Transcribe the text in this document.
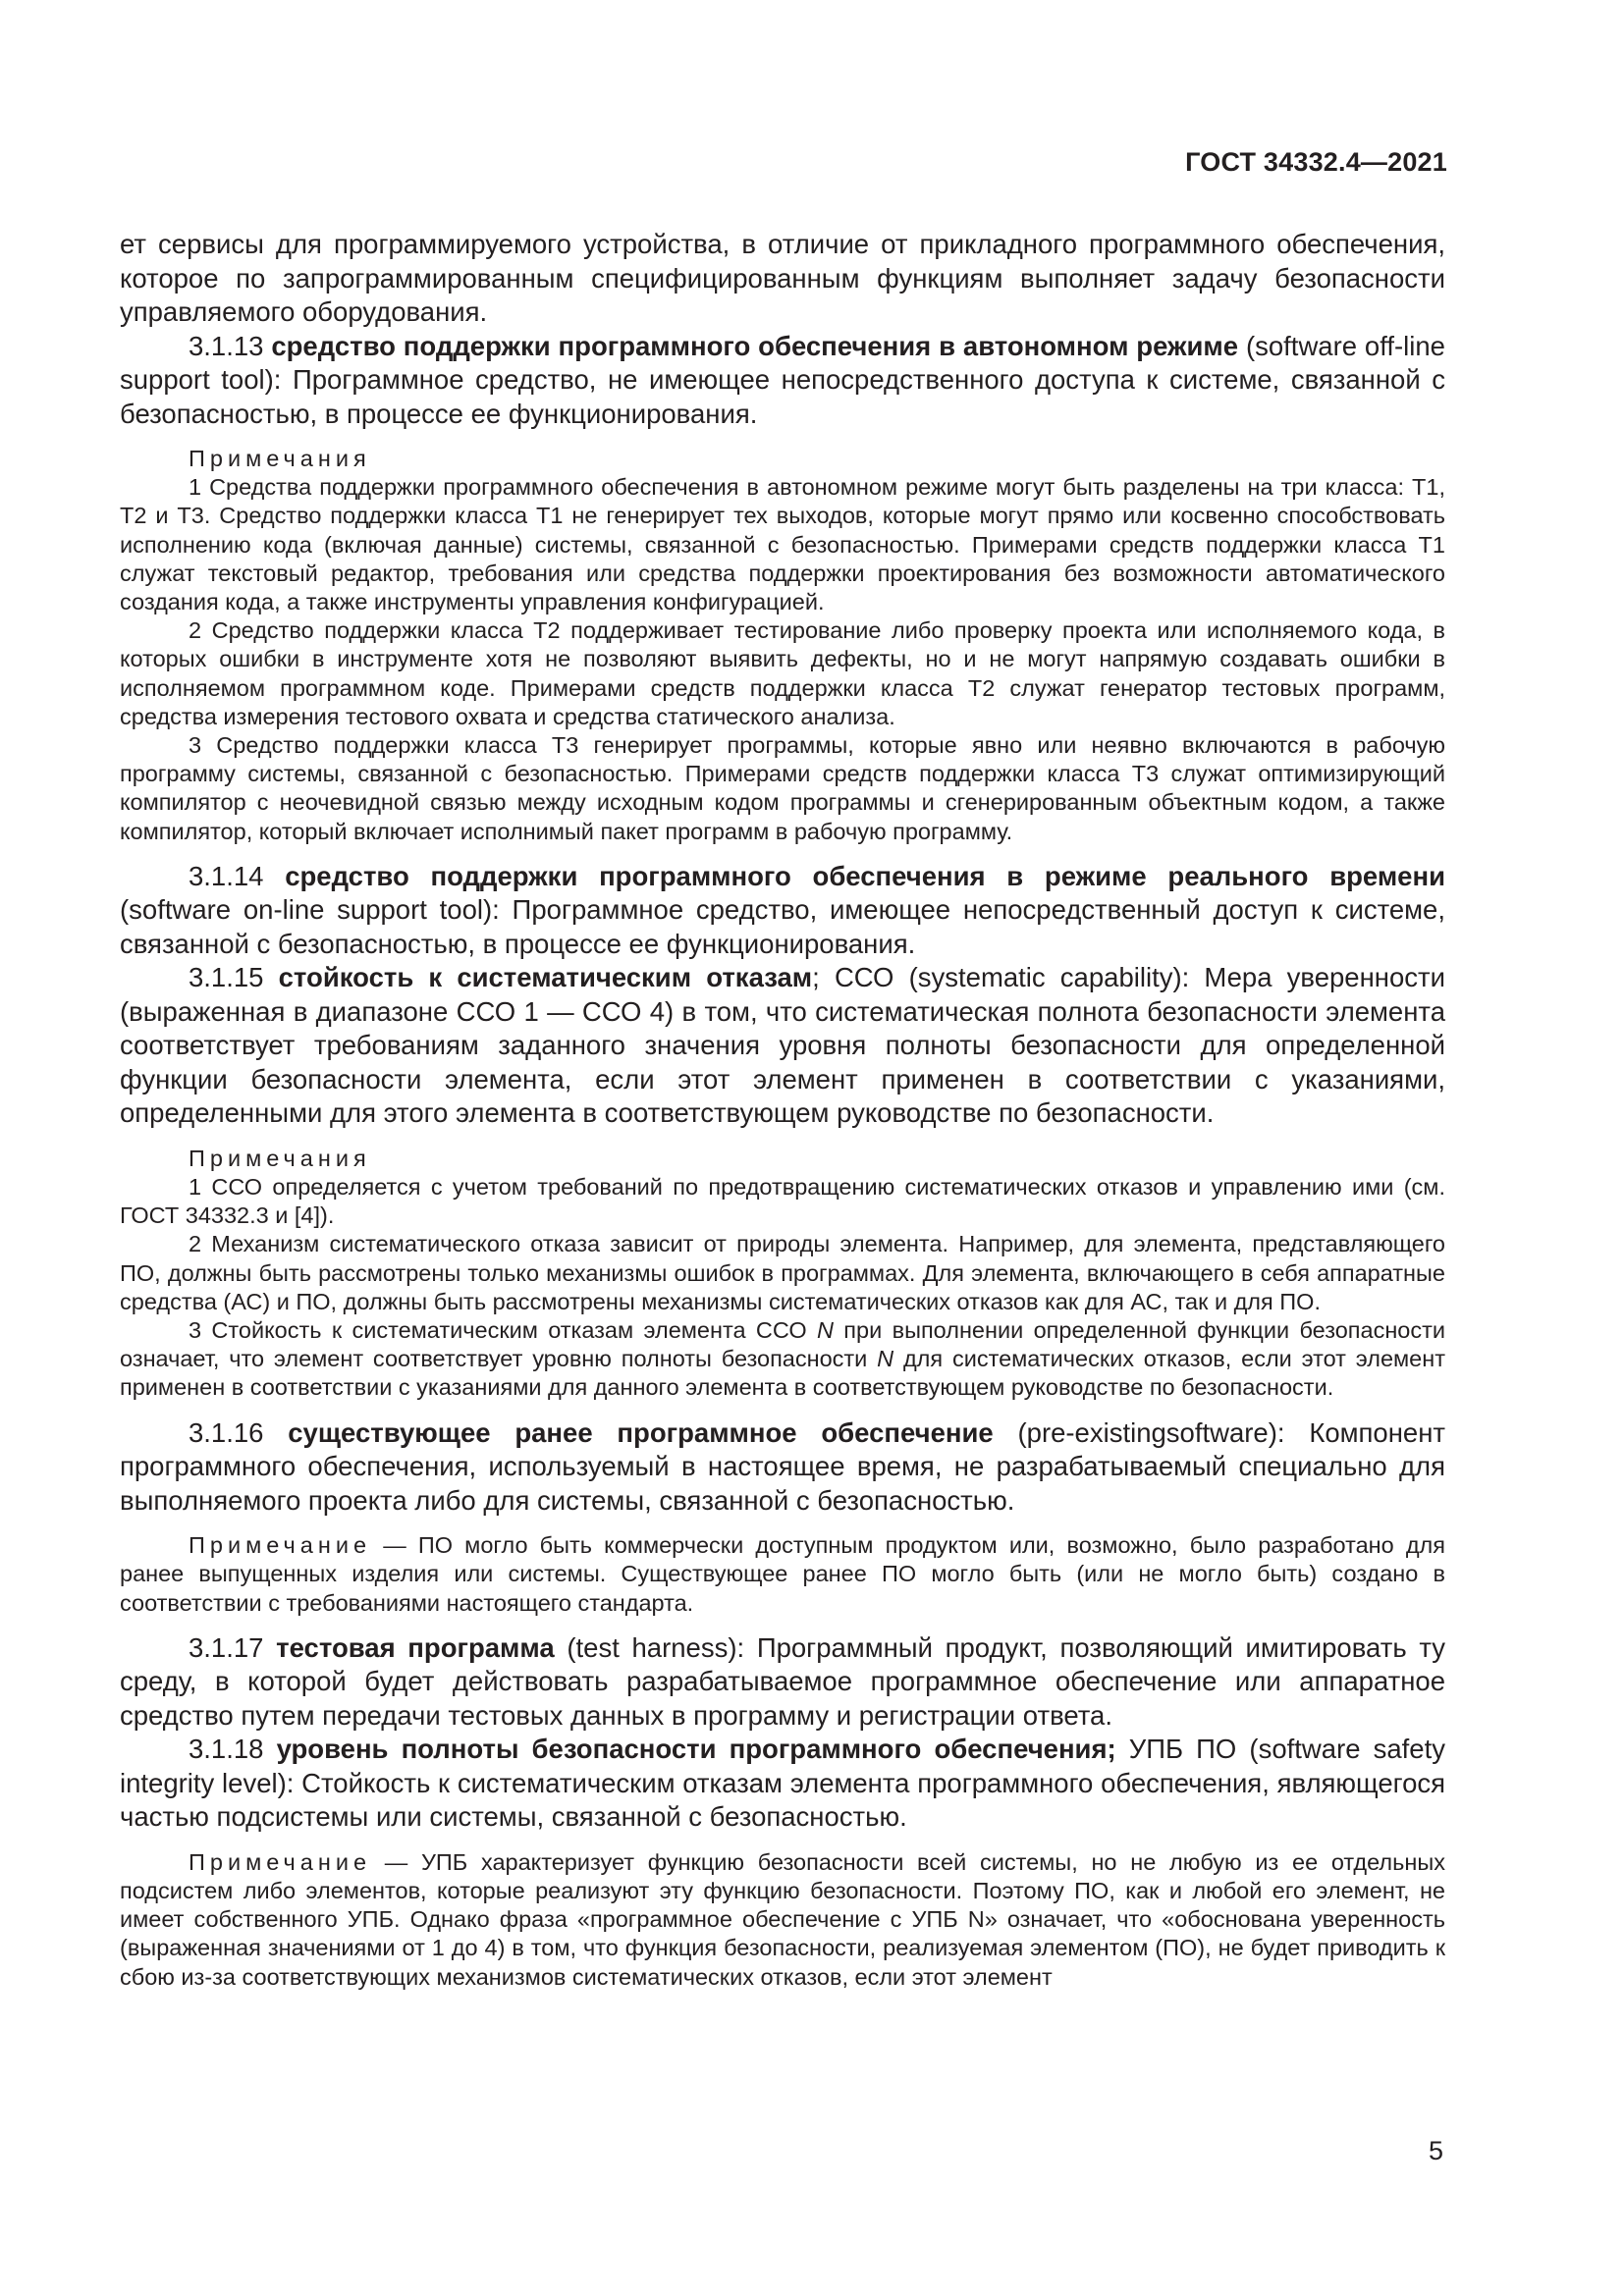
ГОСТ 34332.4—2021

ет сервисы для программируемого устройства, в отличие от прикладного программного обеспечения, которое по запрограммированным специфицированным функциям выполняет задачу безопасности управляемого оборудования.

3.1.13 средство поддержки программного обеспечения в автономном режиме (software off-line support tool): Программное средство, не имеющее непосредственного доступа к системе, связанной с безопасностью, в процессе ее функционирования.

Примечания

1 Средства поддержки программного обеспечения в автономном режиме могут быть разделены на три класса: Т1, Т2 и Т3. Средство поддержки класса Т1 не генерирует тех выходов, которые могут прямо или косвенно способствовать исполнению кода (включая данные) системы, связанной с безопасностью. Примерами средств поддержки класса Т1 служат текстовый редактор, требования или средства поддержки проектирования без возможности автоматического создания кода, а также инструменты управления конфигурацией.

2 Средство поддержки класса Т2 поддерживает тестирование либо проверку проекта или исполняемого кода, в которых ошибки в инструменте хотя не позволяют выявить дефекты, но и не могут напрямую создавать ошибки в исполняемом программном коде. Примерами средств поддержки класса Т2 служат генератор тестовых программ, средства измерения тестового охвата и средства статического анализа.

3 Средство поддержки класса Т3 генерирует программы, которые явно или неявно включаются в рабочую программу системы, связанной с безопасностью. Примерами средств поддержки класса Т3 служат оптимизирующий компилятор с неочевидной связью между исходным кодом программы и сгенерированным объектным кодом, а также компилятор, который включает исполнимый пакет программ в рабочую программу.

3.1.14 средство поддержки программного обеспечения в режиме реального времени (software on-line support tool): Программное средство, имеющее непосредственный доступ к системе, связанной с безопасностью, в процессе ее функционирования.

3.1.15 стойкость к систематическим отказам; ССО (systematic capability): Мера уверенности (выраженная в диапазоне ССО 1 — ССО 4) в том, что систематическая полнота безопасности элемента соответствует требованиям заданного значения уровня полноты безопасности для определенной функции безопасности элемента, если этот элемент применен в соответствии с указаниями, определенными для этого элемента в соответствующем руководстве по безопасности.

Примечания

1 ССО определяется с учетом требований по предотвращению систематических отказов и управлению ими (см. ГОСТ 34332.3 и [4]).

2 Механизм систематического отказа зависит от природы элемента. Например, для элемента, представляющего ПО, должны быть рассмотрены только механизмы ошибок в программах. Для элемента, включающего в себя аппаратные средства (АС) и ПО, должны быть рассмотрены механизмы систематических отказов как для АС, так и для ПО.

3 Стойкость к систематическим отказам элемента ССО N при выполнении определенной функции безопасности означает, что элемент соответствует уровню полноты безопасности N для систематических отказов, если этот элемент применен в соответствии с указаниями для данного элемента в соответствующем руководстве по безопасности.

3.1.16 существующее ранее программное обеспечение (pre-existingsoftware): Компонент программного обеспечения, используемый в настоящее время, не разрабатываемый специально для выполняемого проекта либо для системы, связанной с безопасностью.

Примечание — ПО могло быть коммерчески доступным продуктом или, возможно, было разработано для ранее выпущенных изделия или системы. Существующее ранее ПО могло быть (или не могло быть) создано в соответствии с требованиями настоящего стандарта.

3.1.17 тестовая программа (test harness): Программный продукт, позволяющий имитировать ту среду, в которой будет действовать разрабатываемое программное обеспечение или аппаратное средство путем передачи тестовых данных в программу и регистрации ответа.

3.1.18 уровень полноты безопасности программного обеспечения; УПБ ПО (software safety integrity level): Стойкость к систематическим отказам элемента программного обеспечения, являющегося частью подсистемы или системы, связанной с безопасностью.

Примечание — УПБ характеризует функцию безопасности всей системы, но не любую из ее отдельных подсистем либо элементов, которые реализуют эту функцию безопасности. Поэтому ПО, как и любой его элемент, не имеет собственного УПБ. Однако фраза «программное обеспечение с УПБ N» означает, что «обоснована уверенность (выраженная значениями от 1 до 4) в том, что функция безопасности, реализуемая элементом (ПО), не будет приводить к сбою из-за соответствующих механизмов систематических отказов, если этот элемент

5
